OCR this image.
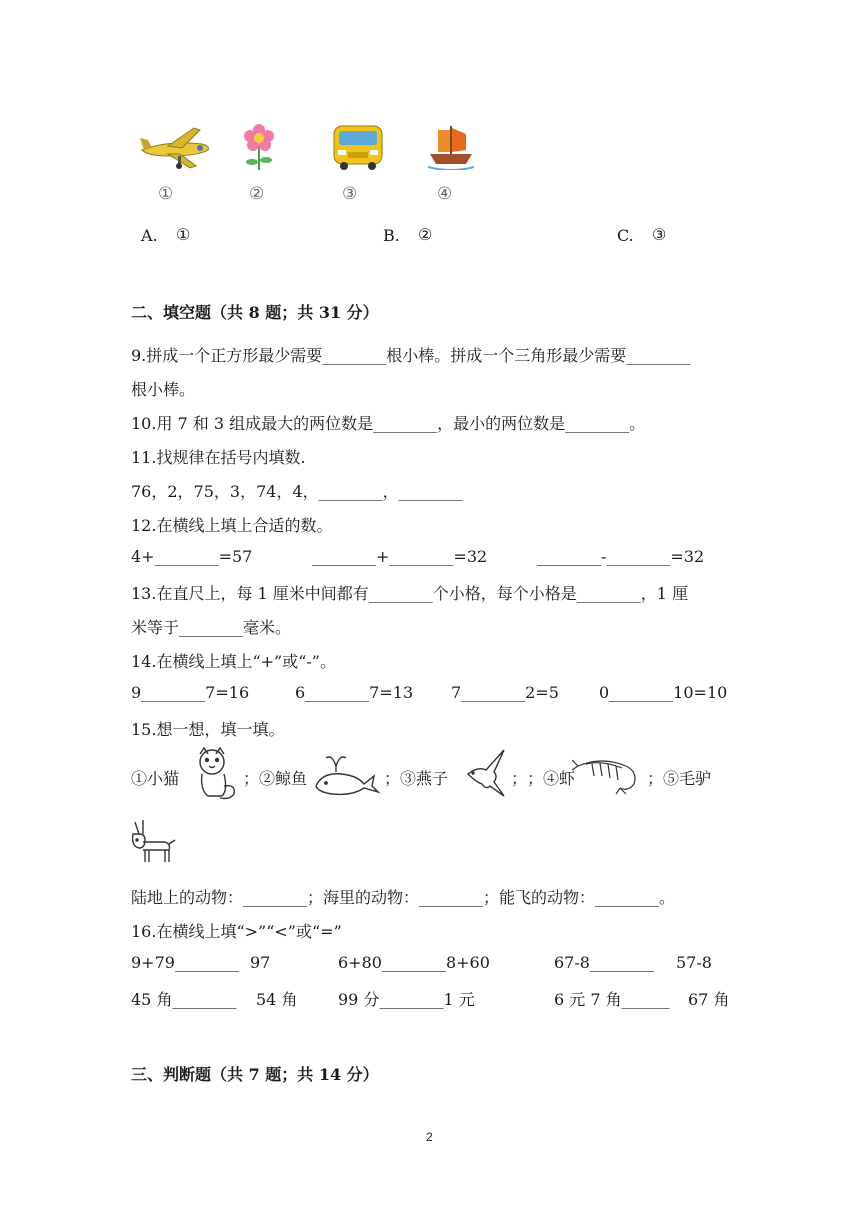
①	②	③	④
A. ①	B. ②	C. ③
二、填空题（共 8 题；共 31 分）
9.拼成一个正方形最少需要________根小棒。拼成一个三角形最少需要________
根小棒。
10.用 7 和 3 组成最大的两位数是________，最小的两位数是________。
11.找规律在括号内填数.
76，2，75，3，74，4，________，________
12.在横线上填上合适的数。
4+________=57	________+________=32	________-________=32
13.在直尺上，每 1 厘米中间都有________个小格，每个小格是________，1 厘
米等于________毫米。
14.在横线上填上“+”或“-”。
9________7=16	6________7=13 7________2=5	0________10=10
15.想一想，填一填。
①小猫	；②鲸鱼	；③燕子	； ；④虾	；⑤毛驴
陆地上的动物：________；海里的动物：________；能飞的动物：________。
16.在横线上填“>”“<”或“=”
9+79________ 97	6+80________8+60	67-8________ 57-8
45 角________ 54 角	99 分________1 元	6 元 7 角______ 67 角
三、判断题（共 7 题；共 14 分）
2
